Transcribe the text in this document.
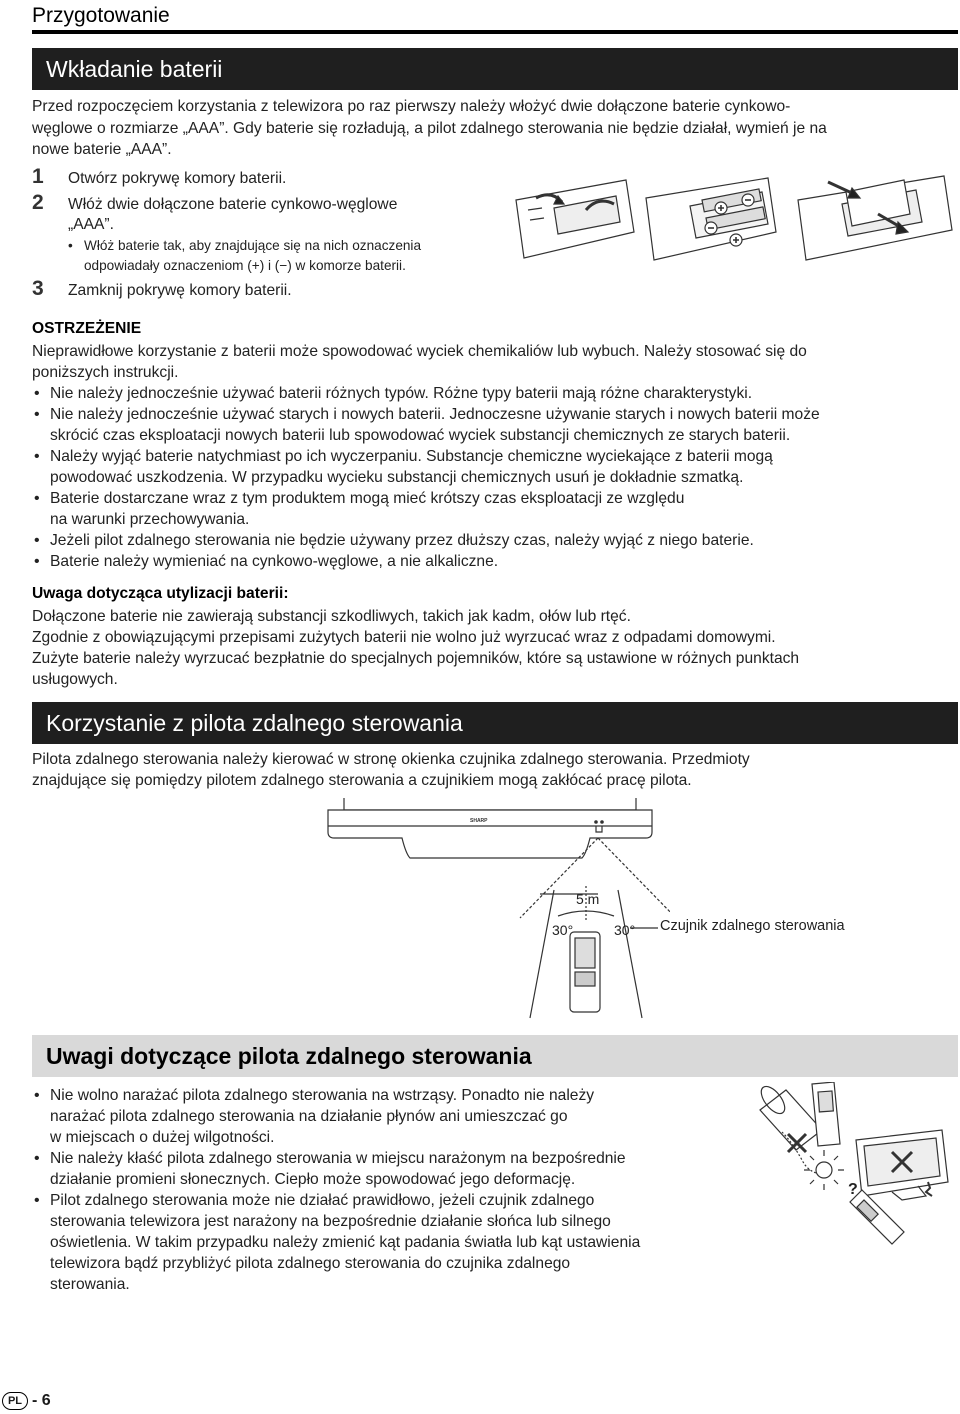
Przygotowanie
Wkładanie baterii
Przed rozpoczęciem korzystania z telewizora po raz pierwszy należy włożyć dwie dołączone baterie cynkowo-
węglowe o rozmiarze „AAA”. Gdy baterie się rozładują, a pilot zdalnego sterowania nie będzie działał, wymień je na
nowe baterie „AAA”.
1 Otwórz pokrywę komory baterii.
2 Włóż dwie dołączone baterie cynkowo-węglowe
„AAA”.
• Włóż baterie tak, aby znajdujące się na nich oznaczenia
odpowiadały oznaczeniom (+) i (−) w komorze baterii.
3 Zamknij pokrywę komory baterii.
OSTRZEŻENIE
Nieprawidłowe korzystanie z baterii może spowodować wyciek chemikaliów lub wybuch. Należy stosować się do
poniższych instrukcji.
• Nie należy jednocześnie używać baterii różnych typów. Różne typy baterii mają różne charakterystyki.
• Nie należy jednocześnie używać starych i nowych baterii. Jednoczesne używanie starych i nowych baterii może
skrócić czas eksploatacji nowych baterii lub spowodować wyciek substancji chemicznych ze starych baterii.
• Należy wyjąć baterie natychmiast po ich wyczerpaniu. Substancje chemiczne wyciekające z baterii mogą
powodować uszkodzenia. W przypadku wycieku substancji chemicznych usuń je dokładnie szmatką.
• Baterie dostarczane wraz z tym produktem mogą mieć krótszy czas eksploatacji ze względu
na warunki przechowywania.
• Jeżeli pilot zdalnego sterowania nie będzie używany przez dłuższy czas, należy wyjąć z niego baterie.
• Baterie należy wymieniać na cynkowo-węglowe, a nie alkaliczne.
Uwaga dotycząca utylizacji baterii:
Dołączone baterie nie zawierają substancji szkodliwych, takich jak kadm, ołów lub rtęć.
Zgodnie z obowiązującymi przepisami zużytych baterii nie wolno już wyrzucać wraz z odpadami domowymi.
Zużyte baterie należy wyrzucać bezpłatnie do specjalnych pojemników, które są ustawione w różnych punktach
usługowych.
Korzystanie z pilota zdalnego sterowania
Pilota zdalnego sterowania należy kierować w stronę okienka czujnika zdalnego sterowania. Przedmioty
znajdujące się pomiędzy pilotem zdalnego sterowania a czujnikiem mogą zakłócać pracę pilota.
SHARP
5 m
30°	30° Czujnik zdalnego sterowania
Uwagi dotyczące pilota zdalnego sterowania
• Nie wolno narażać pilota zdalnego sterowania na wstrząsy. Ponadto nie należy
narażać pilota zdalnego sterowania na działanie płynów ani umieszczać go
w miejscach o dużej wilgotności.
• Nie należy kłaść pilota zdalnego sterowania w miejscu narażonym na bezpośrednie
działanie promieni słonecznych. Ciepło może spowodować jego deformację.
• Pilot zdalnego sterowania może nie działać prawidłowo, jeżeli czujnik zdalnego
sterowania telewizora jest narażony na bezpośrednie działanie słońca lub silnego
oświetlenia. W takim przypadku należy zmienić kąt padania światła lub kąt ustawienia
telewizora bądź przybliżyć pilota zdalnego sterowania do czujnika zdalnego
sterowania.
?
PL - 6
